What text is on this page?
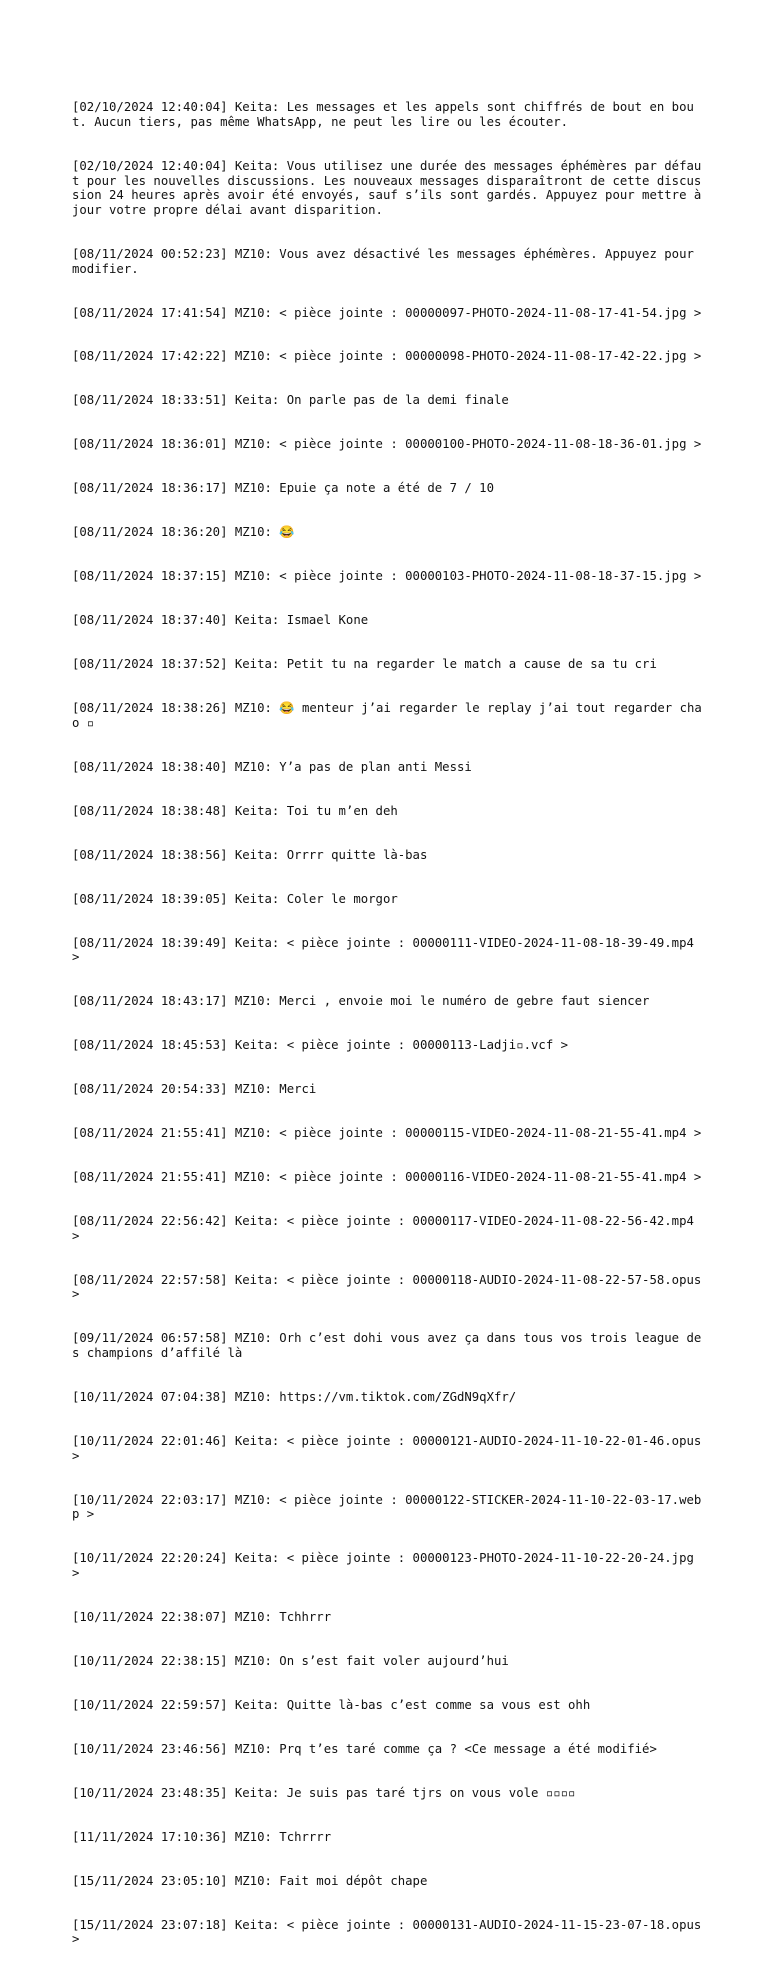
[02/10/2024 12:40:04] Keita: Les messages et les appels sont chiffrés de bout en bout. Aucun tiers, pas même WhatsApp, ne peut les lire ou les écouter.

[02/10/2024 12:40:04] Keita: Vous utilisez une durée des messages éphémères par défaut pour les nouvelles discussions. Les nouveaux messages disparaîtront de cette discussion 24 heures après avoir été envoyés, sauf s’ils sont gardés. Appuyez pour mettre à jour votre propre délai avant disparition.

[08/11/2024 00:52:23] MZ10: Vous avez désactivé les messages éphémères. Appuyez pour modifier.

[08/11/2024 17:41:54] MZ10: < pièce jointe : 00000097-PHOTO-2024-11-08-17-41-54.jpg >

[08/11/2024 17:42:22] MZ10: < pièce jointe : 00000098-PHOTO-2024-11-08-17-42-22.jpg >

[08/11/2024 18:33:51] Keita: On parle pas de la demi finale

[08/11/2024 18:36:01] MZ10: < pièce jointe : 00000100-PHOTO-2024-11-08-18-36-01.jpg >

[08/11/2024 18:36:17] MZ10: Epuie ça note a été de 7 / 10

[08/11/2024 18:36:20] MZ10: 😂

[08/11/2024 18:37:15] MZ10: < pièce jointe : 00000103-PHOTO-2024-11-08-18-37-15.jpg >

[08/11/2024 18:37:40] Keita: Ismael Kone

[08/11/2024 18:37:52] Keita: Petit tu na regarder le match a cause de sa tu cri

[08/11/2024 18:38:26] MZ10: 😂 menteur j’ai regarder le replay j’ai tout regarder chao ▫

[08/11/2024 18:38:40] MZ10: Y’a pas de plan anti Messi

[08/11/2024 18:38:48] Keita: Toi tu m’en deh

[08/11/2024 18:38:56] Keita: Orrrr quitte là-bas

[08/11/2024 18:39:05] Keita: Coler le morgor

[08/11/2024 18:39:49] Keita: < pièce jointe : 00000111-VIDEO-2024-11-08-18-39-49.mp4 >

[08/11/2024 18:43:17] MZ10: Merci , envoie moi le numéro de gebre faut siencer

[08/11/2024 18:45:53] Keita: < pièce jointe : 00000113-Ladji▫.vcf >

[08/11/2024 20:54:33] MZ10: Merci

[08/11/2024 21:55:41] MZ10: < pièce jointe : 00000115-VIDEO-2024-11-08-21-55-41.mp4 >

[08/11/2024 21:55:41] MZ10: < pièce jointe : 00000116-VIDEO-2024-11-08-21-55-41.mp4 >

[08/11/2024 22:56:42] Keita: < pièce jointe : 00000117-VIDEO-2024-11-08-22-56-42.mp4 >

[08/11/2024 22:57:58] Keita: < pièce jointe : 00000118-AUDIO-2024-11-08-22-57-58.opus >

[09/11/2024 06:57:58] MZ10: Orh c’est dohi vous avez ça dans tous vos trois league des champions d’affilé là

[10/11/2024 07:04:38] MZ10: https://vm.tiktok.com/ZGdN9qXfr/

[10/11/2024 22:01:46] Keita: < pièce jointe : 00000121-AUDIO-2024-11-10-22-01-46.opus >

[10/11/2024 22:03:17] MZ10: < pièce jointe : 00000122-STICKER-2024-11-10-22-03-17.webp >

[10/11/2024 22:20:24] Keita: < pièce jointe : 00000123-PHOTO-2024-11-10-22-20-24.jpg >

[10/11/2024 22:38:07] MZ10: Tchhrrr

[10/11/2024 22:38:15] MZ10: On s’est fait voler aujourd’hui

[10/11/2024 22:59:57] Keita: Quitte là-bas c’est comme sa vous est ohh

[10/11/2024 23:46:56] MZ10: Prq t’es taré comme ça ? <Ce message a été modifié>

[10/11/2024 23:48:35] Keita: Je suis pas taré tjrs on vous vole ▫▫▫▫

[11/11/2024 17:10:36] MZ10: Tchrrrr

[15/11/2024 23:05:10] MZ10: Fait moi dépôt chape

[15/11/2024 23:07:18] Keita: < pièce jointe : 00000131-AUDIO-2024-11-15-23-07-18.opus >
